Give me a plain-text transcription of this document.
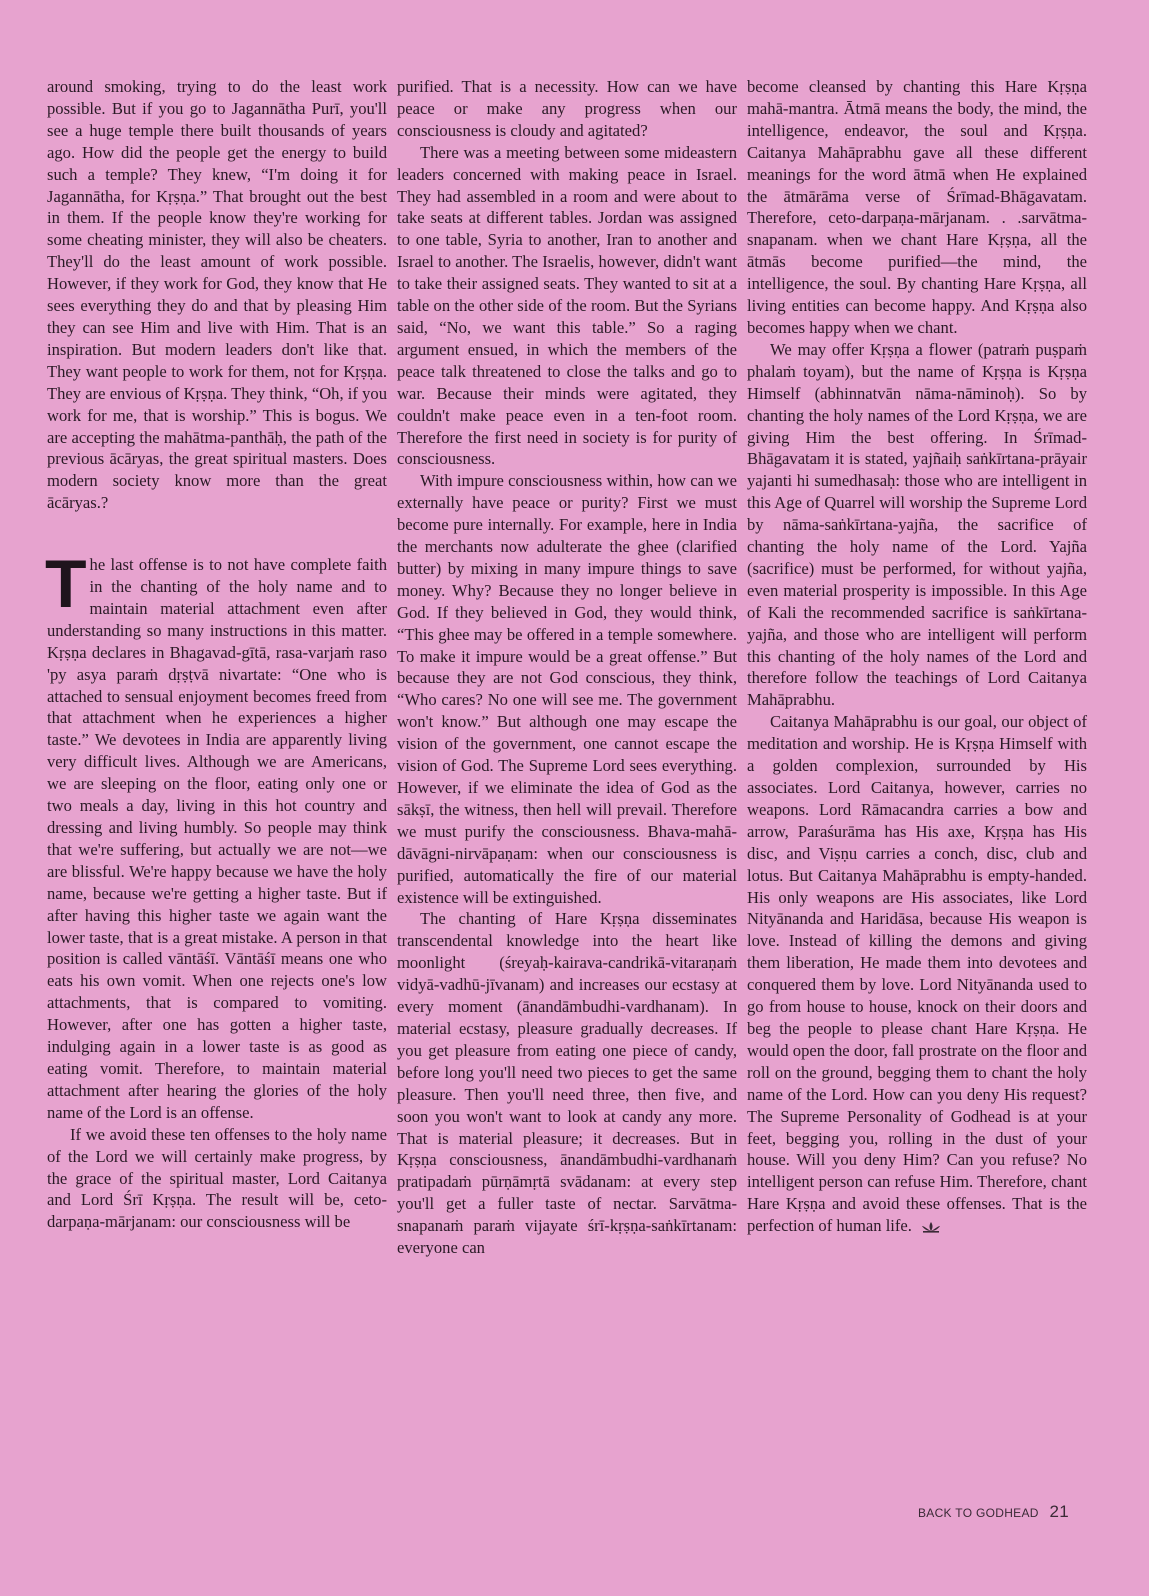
around smoking, trying to do the least work possible. But if you go to Jagannātha Purī, you'll see a huge temple there built thousands of years ago. How did the people get the energy to build such a temple? They knew, “I'm doing it for Jagannātha, for Kṛṣṇa.” That brought out the best in them. If the people know they're working for some cheating minister, they will also be cheaters. They'll do the least amount of work possible. However, if they work for God, they know that He sees everything they do and that by pleasing Him they can see Him and live with Him. That is an inspiration. But modern leaders don't like that. They want people to work for them, not for Kṛṣṇa. They are envious of Kṛṣṇa. They think, “Oh, if you work for me, that is worship.” This is bogus. We are accepting the mahātma-panthāḥ, the path of the previous ācāryas, the great spiritual masters. Does modern society know more than the great ācāryas.?

The last offense is to not have complete faith in the chanting of the holy name and to maintain material attachment even after understanding so many instructions in this matter. Kṛṣṇa declares in Bhagavad-gītā, rasa-varjaṁ raso 'py asya paraṁ dṛṣṭvā nivartate: “One who is attached to sensual enjoyment becomes freed from that attachment when he experiences a higher taste.” We devotees in India are apparently living very difficult lives. Although we are Americans, we are sleeping on the floor, eating only one or two meals a day, living in this hot country and dressing and living humbly. So people may think that we're suffering, but actually we are not—we are blissful. We're happy because we have the holy name, because we're getting a higher taste. But if after having this higher taste we again want the lower taste, that is a great mistake. A person in that position is called vāntāśī. Vāntāśī means one who eats his own vomit. When one rejects one's low attachments, that is compared to vomiting. However, after one has gotten a higher taste, indulging again in a lower taste is as good as eating vomit. Therefore, to maintain material attachment after hearing the glories of the holy name of the Lord is an offense.

If we avoid these ten offenses to the holy name of the Lord we will certainly make progress, by the grace of the spiritual master, Lord Caitanya and Lord Śrī Kṛṣṇa. The result will be, ceto-darpaṇa-mārjanam: our consciousness will be

purified. That is a necessity. How can we have peace or make any progress when our consciousness is cloudy and agitated?

There was a meeting between some mideastern leaders concerned with making peace in Israel. They had assembled in a room and were about to take seats at different tables. Jordan was assigned to one table, Syria to another, Iran to another and Israel to another. The Israelis, however, didn't want to take their assigned seats. They wanted to sit at a table on the other side of the room. But the Syrians said, “No, we want this table.” So a raging argument ensued, in which the members of the peace talk threatened to close the talks and go to war. Because their minds were agitated, they couldn't make peace even in a ten-foot room. Therefore the first need in society is for purity of consciousness.

With impure consciousness within, how can we externally have peace or purity? First we must become pure internally. For example, here in India the merchants now adulterate the ghee (clarified butter) by mixing in many impure things to save money. Why? Because they no longer believe in God. If they believed in God, they would think, “This ghee may be offered in a temple somewhere. To make it impure would be a great offense.” But because they are not God conscious, they think, “Who cares? No one will see me. The government won't know.” But although one may escape the vision of the government, one cannot escape the vision of God. The Supreme Lord sees everything. However, if we eliminate the idea of God as the sākṣī, the witness, then hell will prevail. Therefore we must purify the consciousness. Bhava-mahā-dāvāgni-nirvāpaṇam: when our consciousness is purified, automatically the fire of our material existence will be extinguished.

The chanting of Hare Kṛṣṇa disseminates transcendental knowledge into the heart like moonlight (śreyaḥ-kairava-candrikā-vitaraṇaṁ vidyā-vadhū-jīvanam) and increases our ecstasy at every moment (ānandāmbudhi-vardhanam). In material ecstasy, pleasure gradually decreases. If you get pleasure from eating one piece of candy, before long you'll need two pieces to get the same pleasure. Then you'll need three, then five, and soon you won't want to look at candy any more. That is material pleasure; it decreases. But in Kṛṣṇa consciousness, ānandāmbudhi-vardhanaṁ pratipadaṁ pūrṇāmṛtā svādanam: at every step you'll get a fuller taste of nectar. Sarvātma-snapanaṁ paraṁ vijayate śrī-kṛṣṇa-saṅkīrtanam: everyone can

become cleansed by chanting this Hare Kṛṣṇa mahā-mantra. Ātmā means the body, the mind, the intelligence, endeavor, the soul and Kṛṣṇa. Caitanya Mahāprabhu gave all these different meanings for the word ātmā when He explained the ātmārāma verse of Śrīmad-Bhāgavatam. Therefore, ceto-darpaṇa-mārjanam. . .sarvātma-snapanam. when we chant Hare Kṛṣṇa, all the ātmās become purified—the mind, the intelligence, the soul. By chanting Hare Kṛṣṇa, all living entities can become happy. And Kṛṣṇa also becomes happy when we chant.

We may offer Kṛṣṇa a flower (patraṁ puṣpaṁ phalaṁ toyam), but the name of Kṛṣṇa is Kṛṣṇa Himself (abhinnatvān nāma-nāminoḥ). So by chanting the holy names of the Lord Kṛṣṇa, we are giving Him the best offering. In Śrīmad-Bhāgavatam it is stated, yajñaiḥ saṅkīrtana-prāyair yajanti hi sumedhasaḥ: those who are intelligent in this Age of Quarrel will worship the Supreme Lord by nāma-saṅkīrtana-yajña, the sacrifice of chanting the holy name of the Lord. Yajña (sacrifice) must be performed, for without yajña, even material prosperity is impossible. In this Age of Kali the recommended sacrifice is saṅkīrtana-yajña, and those who are intelligent will perform this chanting of the holy names of the Lord and therefore follow the teachings of Lord Caitanya Mahāprabhu.

Caitanya Mahāprabhu is our goal, our object of meditation and worship. He is Kṛṣṇa Himself with a golden complexion, surrounded by His associates. Lord Caitanya, however, carries no weapons. Lord Rāmacandra carries a bow and arrow, Paraśurāma has His axe, Kṛṣṇa has His disc, and Viṣṇu carries a conch, disc, club and lotus. But Caitanya Mahāprabhu is empty-handed. His only weapons are His associates, like Lord Nityānanda and Haridāsa, because His weapon is love. Instead of killing the demons and giving them liberation, He made them into devotees and conquered them by love. Lord Nityānanda used to go from house to house, knock on their doors and beg the people to please chant Hare Kṛṣṇa. He would open the door, fall prostrate on the floor and roll on the ground, begging them to chant the holy name of the Lord. How can you deny His request? The Supreme Personality of Godhead is at your feet, begging you, rolling in the dust of your house. Will you deny Him? Can you refuse? No intelligent person can refuse Him. Therefore, chant Hare Kṛṣṇa and avoid these offenses. That is the perfection of human life.

BACK TO GODHEAD 21
